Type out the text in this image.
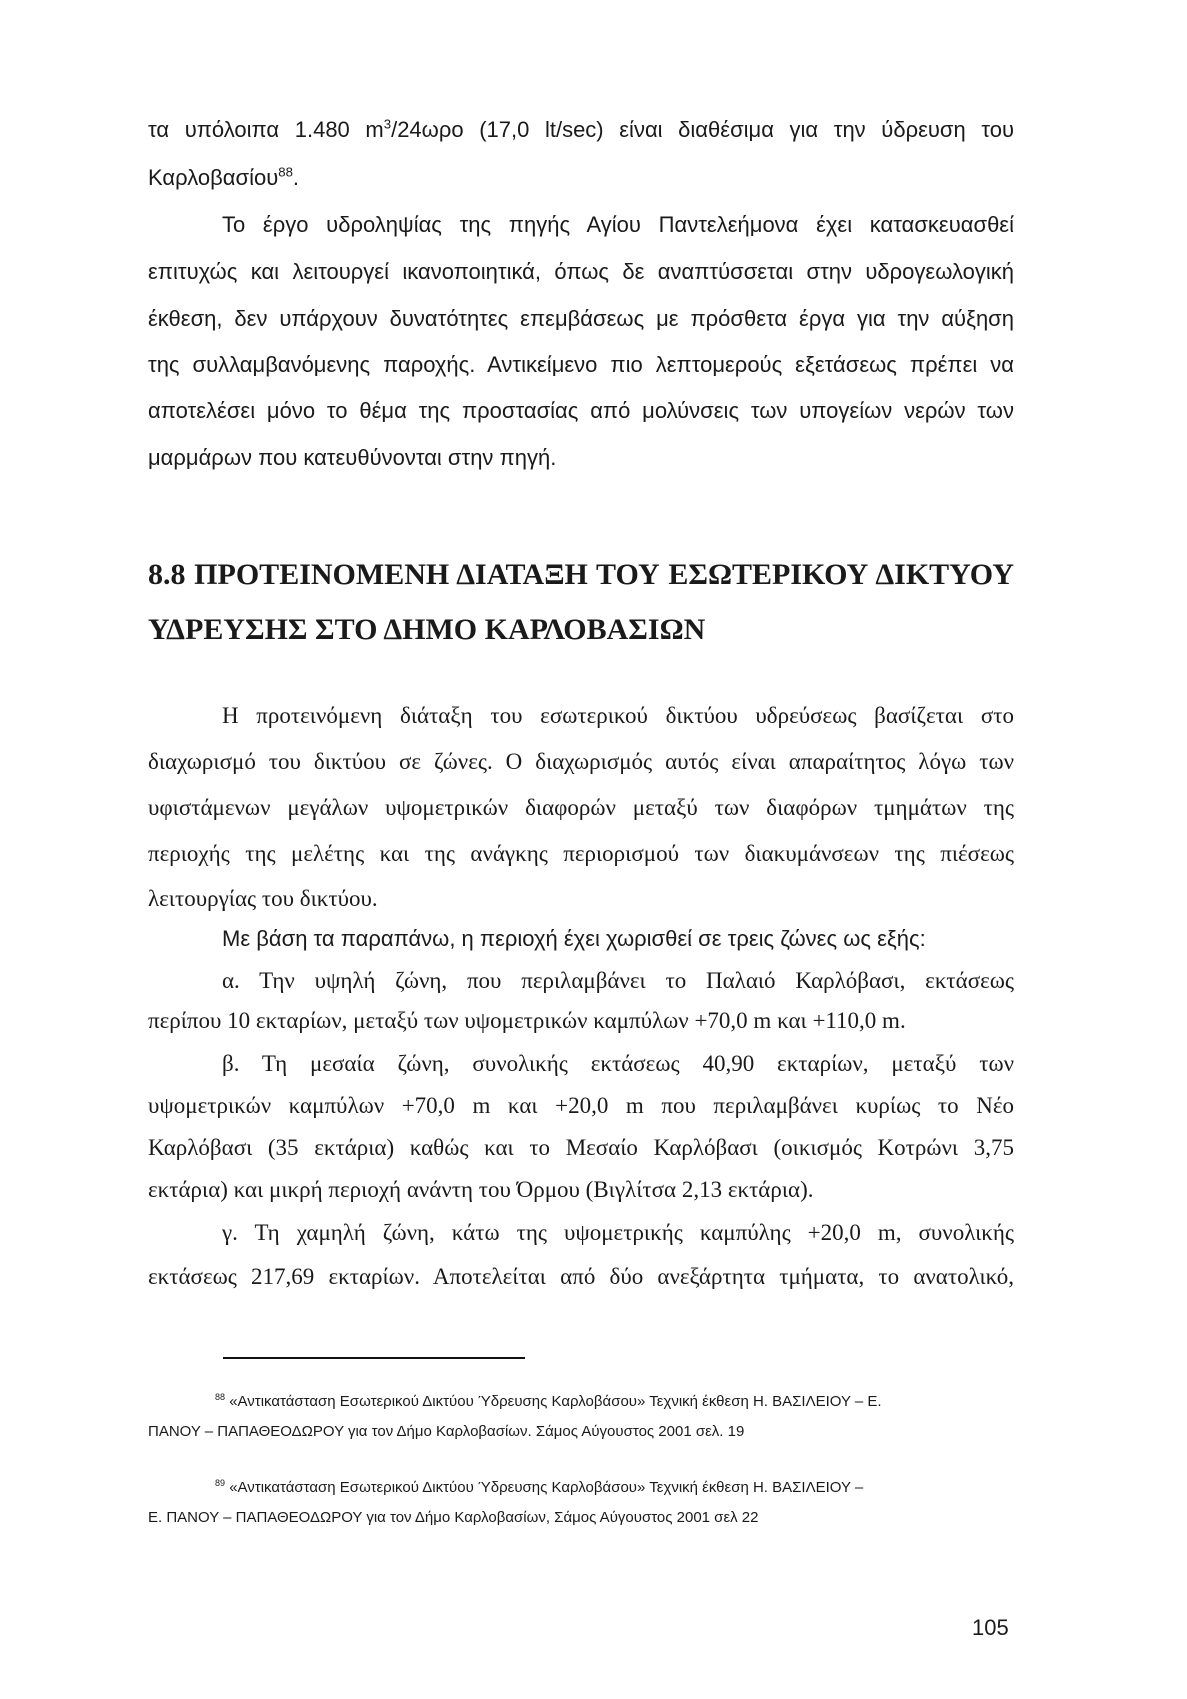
τα υπόλοιπα 1.480 $m^3/24\omega\rho o$ (17,0 lt/sec) είναι διαθέσιμα για την ύδρευση του
Καρλοβασίου$^{88}$.
Το έργο υδροληψίας της πηγής Αγίου Παντελεήμονα έχει κατασκευασθεί
επιτυχώς και λειτουργεί ικανοποιητικά, όπως δε αναπτύσσεται στην υδρογεωλογική
έκθεση, δεν υπάρχουν δυνατότητες επεμβάσεως με πρόσθετα έργα για την αύξηση
της συλλαμβανόμενης παροχής. Αντικείμενο πιο λεπτομερούς εξετάσεως πρέπει να
αποτελέσει μόνο το θέμα της προστασίας από μολύνσεις των υπογείων νερών των
μαρμάρων που κατευθύνονται στην πηγή.
8.8 ΠΡΟΤΕΙΝΟΜΕΝΗ ΔΙΑΤΑΞΗ ΤΟΥ ΕΣΩΤΕΡΙΚΟΥ ΔΙΚΤΥΟΥ
ΥΔΡΕΥΣΗΣ ΣΤΟ ΔΗΜΟ ΚΑΡΛΟΒΑΣΙΩΝ
Η προτεινόμενη διάταξη του εσωτερικού δικτύου υδρεύσεως βασίζεται στο
διαχωρισμό του δικτύου σε ζώνες. Ο διαχωρισμός αυτός είναι απαραίτητος λόγω των
υφιστάμενων μεγάλων υψομετρικών διαφορών μεταξύ των διαφόρων τμημάτων της
περιοχής της μελέτης και της ανάγκης περιορισμού των διακυμάνσεων της πιέσεως
λειτουργίας του δικτύου.
Με βάση τα παραπάνω, η περιοχή έχει χωρισθεί σε τρεις ζώνες ως εξής:
α. Την υψηλή ζώνη, που περιλαμβάνει το Παλαιό Καρλόβασι, εκτάσεως
περίπου 10 εκταρίων, μεταξύ των υψομετρικών καμπύλων +70,0 m και +110,0 m.
β. Τη μεσαία ζώνη, συνολικής εκτάσεως 40,90 εκταρίων, μεταξύ των
υψομετρικών καμπύλων +70,0 m και +20,0 m που περιλαμβάνει κυρίως το Νέο
Καρλόβασι (35 εκτάρια) καθώς και το Μεσαίο Καρλόβασι (οικισμός Κοτρώνι 3,75
εκτάρια) και μικρή περιοχή ανάντη του Όρμου (Βιγλίτσα 2,13 εκτάρια).
γ. Τη χαμηλή ζώνη, κάτω της υψομετρικής καμπύλης +20,0 m, συνολικής
εκτάσεως 217,69 εκταρίων. Αποτελείται από δύο ανεξάρτητα τμήματα, το ανατολικό,
$^{88}$ «Αντικατάσταση Εσωτερικού Δικτύου Ύδρευσης Καρλοβάσου» Τεχνική έκθεση Η. ΒΑΣΙΛΕΙΟΥ – Ε.
ΠΑΝΟΥ – ΠΑΠΑΘΕΟΔΩΡΟΥ για τον Δήμο Καρλοβασίων. Σάμος Αύγουστος 2001 σελ. 19
$^{89}$ «Αντικατάσταση Εσωτερικού Δικτύου Ύδρευσης Καρλοβάσου» Τεχνική έκθεση Η. ΒΑΣΙΛΕΙΟΥ –
Ε. ΠΑΝΟΥ – ΠΑΠΑΘΕΟΔΩΡΟΥ για τον Δήμο Καρλοβασίων, Σάμος Αύγουστος 2001 σελ 22
105
